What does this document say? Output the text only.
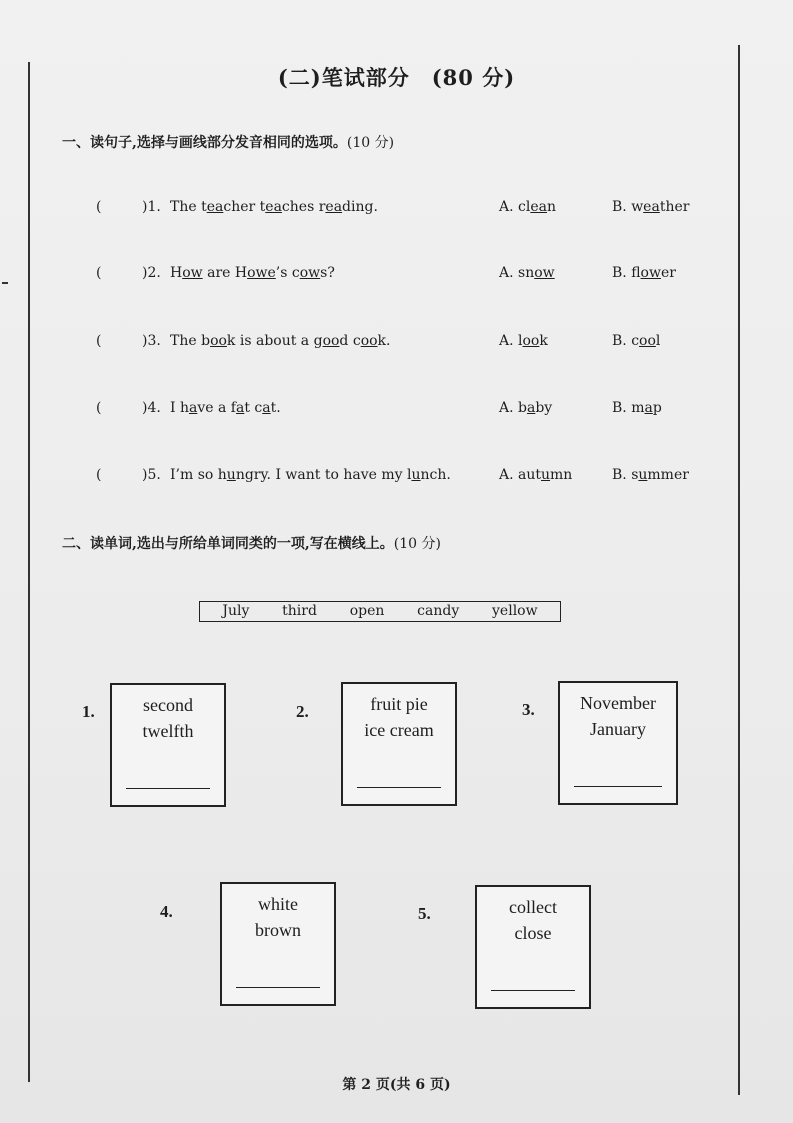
(二)笔试部分 (80 分)
一、读句子,选择与画线部分发音相同的选项。(10 分)
(	)1. The teacher teaches reading.	A. clean	B. weather
(	)2. How are Howe’s cows?	A. snow	B. flower
(	)3. The book is about a good cook.	A. look	B. cool
(	)4. I have a fat cat.	A. baby	B. map
(	)5. I’m so hungry. I want to have my lunch.	A. autumn	B. summer
二、读单词,选出与所给单词同类的一项,写在横线上。(10 分)
July third open candy yellow
1.	second
twelfth
2.	fruit pie
ice cream
3.	November
January
4.	white
brown
5.	collect
close
第 2 页(共 6 页)
